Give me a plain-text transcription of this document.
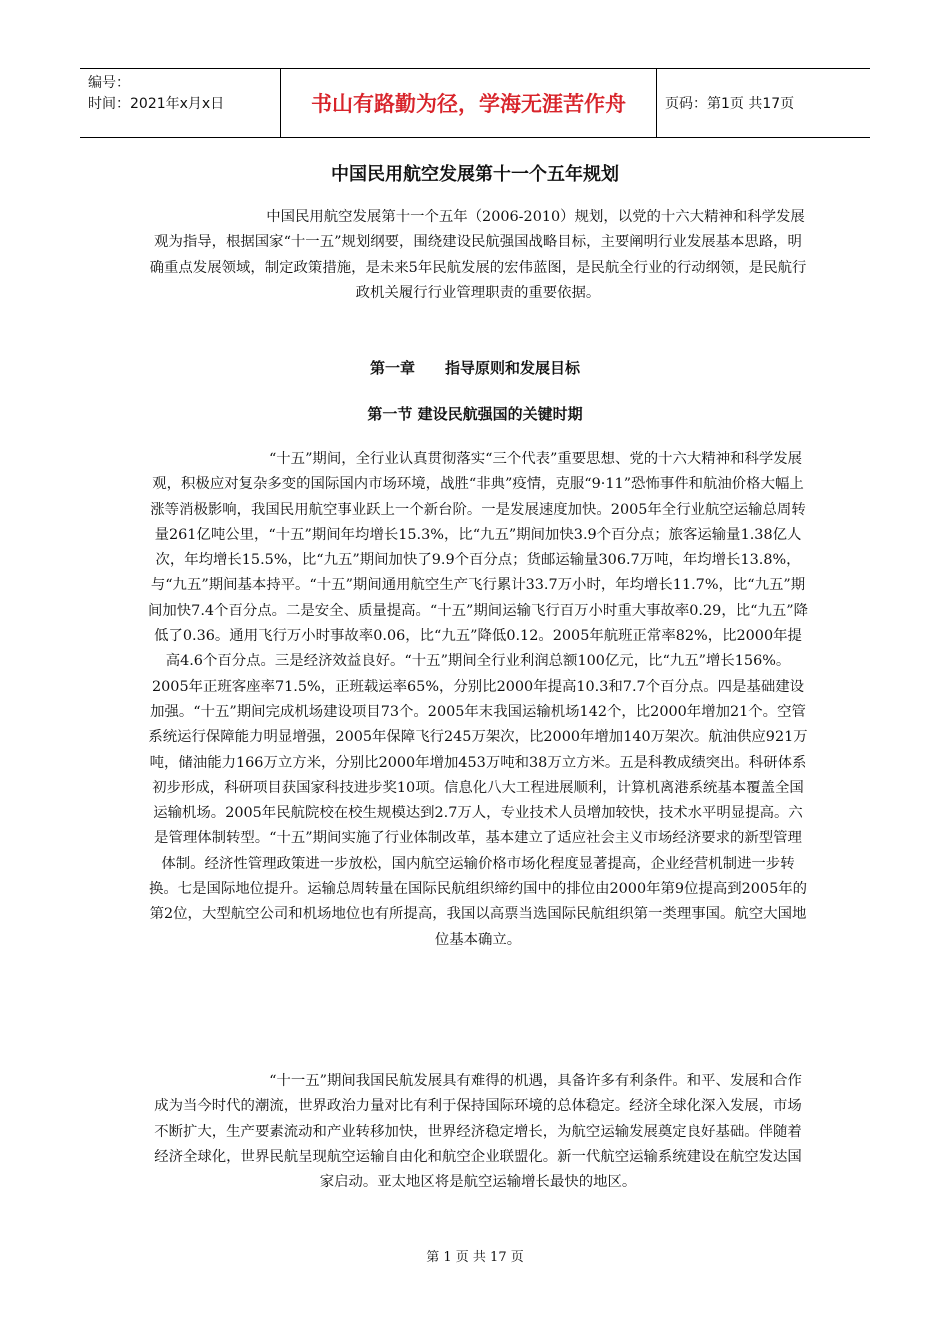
编号：
时间：2021年x月x日	书山有路勤为径，学海无涯苦作舟	页码：第1页 共17页
中国民用航空发展第十一个五年规划
中国民用航空发展第十一个五年（2006-2010）规划，以党的十六大精神和科学发展观为指导，根据国家“十一五”规划纲要，围绕建设民航强国战略目标，主要阐明行业发展基本思路，明确重点发展领域，制定政策措施，是未来5年民航发展的宏伟蓝图，是民航全行业的行动纲领，是民航行政机关履行行业管理职责的重要依据。
第一章 指导原则和发展目标
第一节 建设民航强国的关键时期
“十五”期间，全行业认真贯彻落实“三个代表”重要思想、党的十六大精神和科学发展观，积极应对复杂多变的国际国内市场环境，战胜“非典”疫情，克服“9·11”恐怖事件和航油价格大幅上涨等消极影响，我国民用航空事业跃上一个新台阶。一是发展速度加快。2005年全行业航空运输总周转量261亿吨公里，“十五”期间年均增长15.3%，比“九五”期间加快3.9个百分点；旅客运输量1.38亿人次，年均增长15.5%，比“九五”期间加快了9.9个百分点；货邮运输量306.7万吨，年均增长13.8%，与“九五”期间基本持平。“十五”期间通用航空生产飞行累计33.7万小时，年均增长11.7%，比“九五”期间加快7.4个百分点。二是安全、质量提高。“十五”期间运输飞行百万小时重大事故率0.29，比“九五”降低了0.36。通用飞行万小时事故率0.06，比“九五”降低0.12。2005年航班正常率82%，比2000年提高4.6个百分点。三是经济效益良好。“十五”期间全行业利润总额100亿元，比“九五”增长156%。2005年正班客座率71.5%，正班载运率65%，分别比2000年提高10.3和7.7个百分点。四是基础建设加强。“十五”期间完成机场建设项目73个。2005年末我国运输机场142个，比2000年增加21个。空管系统运行保障能力明显增强，2005年保障飞行245万架次，比2000年增加140万架次。航油供应921万吨，储油能力166万立方米，分别比2000年增加453万吨和38万立方米。五是科教成绩突出。科研体系初步形成，科研项目获国家科技进步奖10项。信息化八大工程进展顺利，计算机离港系统基本覆盖全国运输机场。2005年民航院校在校生规模达到2.7万人，专业技术人员增加较快，技术水平明显提高。六是管理体制转型。“十五”期间实施了行业体制改革，基本建立了适应社会主义市场经济要求的新型管理体制。经济性管理政策进一步放松，国内航空运输价格市场化程度显著提高，企业经营机制进一步转换。七是国际地位提升。运输总周转量在国际民航组织缔约国中的排位由2000年第9位提高到2005年的第2位，大型航空公司和机场地位也有所提高，我国以高票当选国际民航组织第一类理事国。航空大国地位基本确立。
“十一五”期间我国民航发展具有难得的机遇，具备许多有利条件。和平、发展和合作成为当今时代的潮流，世界政治力量对比有利于保持国际环境的总体稳定。经济全球化深入发展，市场不断扩大，生产要素流动和产业转移加快，世界经济稳定增长，为航空运输发展奠定良好基础。伴随着经济全球化，世界民航呈现航空运输自由化和航空企业联盟化。新一代航空运输系统建设在航空发达国家启动。亚太地区将是航空运输增长最快的地区。
第 1 页 共 17 页
